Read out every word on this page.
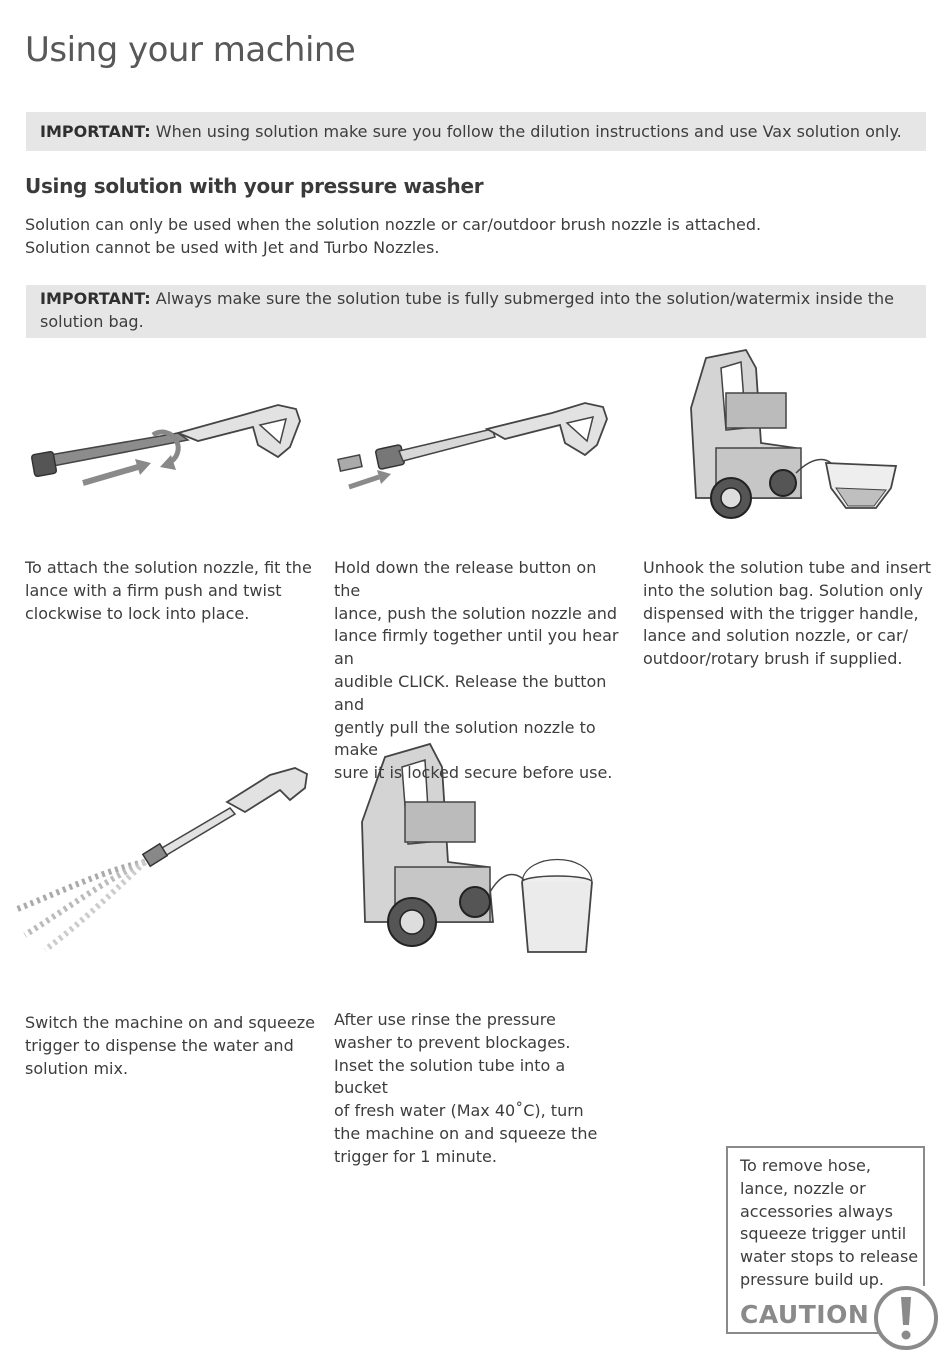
Using your machine
IMPORTANT: When using solution make sure you follow the dilution instructions and use Vax solution only.
Using solution with your pressure washer
Solution can only be used when the solution nozzle or car/outdoor brush nozzle is attached.
Solution cannot be used with Jet and Turbo Nozzles.
IMPORTANT: Always make sure the solution tube is fully submerged into the solution/watermix inside the
solution bag.
To attach the solution nozzle, fit the
lance with a firm push and twist
clockwise to lock into place.
Hold down the release button on the
lance, push the solution nozzle and
lance firmly together until you hear an
audible CLICK. Release the button and
gently pull the solution nozzle to make
sure it is locked secure before use.
Unhook the solution tube and insert
into the solution bag. Solution only
dispensed with the trigger handle,
lance and solution nozzle, or car/
outdoor/rotary brush if supplied.
Switch the machine on and squeeze
trigger to dispense the water and
solution mix.
After use rinse the pressure
washer to prevent blockages.
Inset the solution tube into a bucket
of fresh water (Max 40˚C), turn
the machine on and squeeze the
trigger for 1 minute.	To remove hose,
lance, nozzle or
accessories always
squeeze trigger until
water stops to release
pressure build up.
CAUTION
